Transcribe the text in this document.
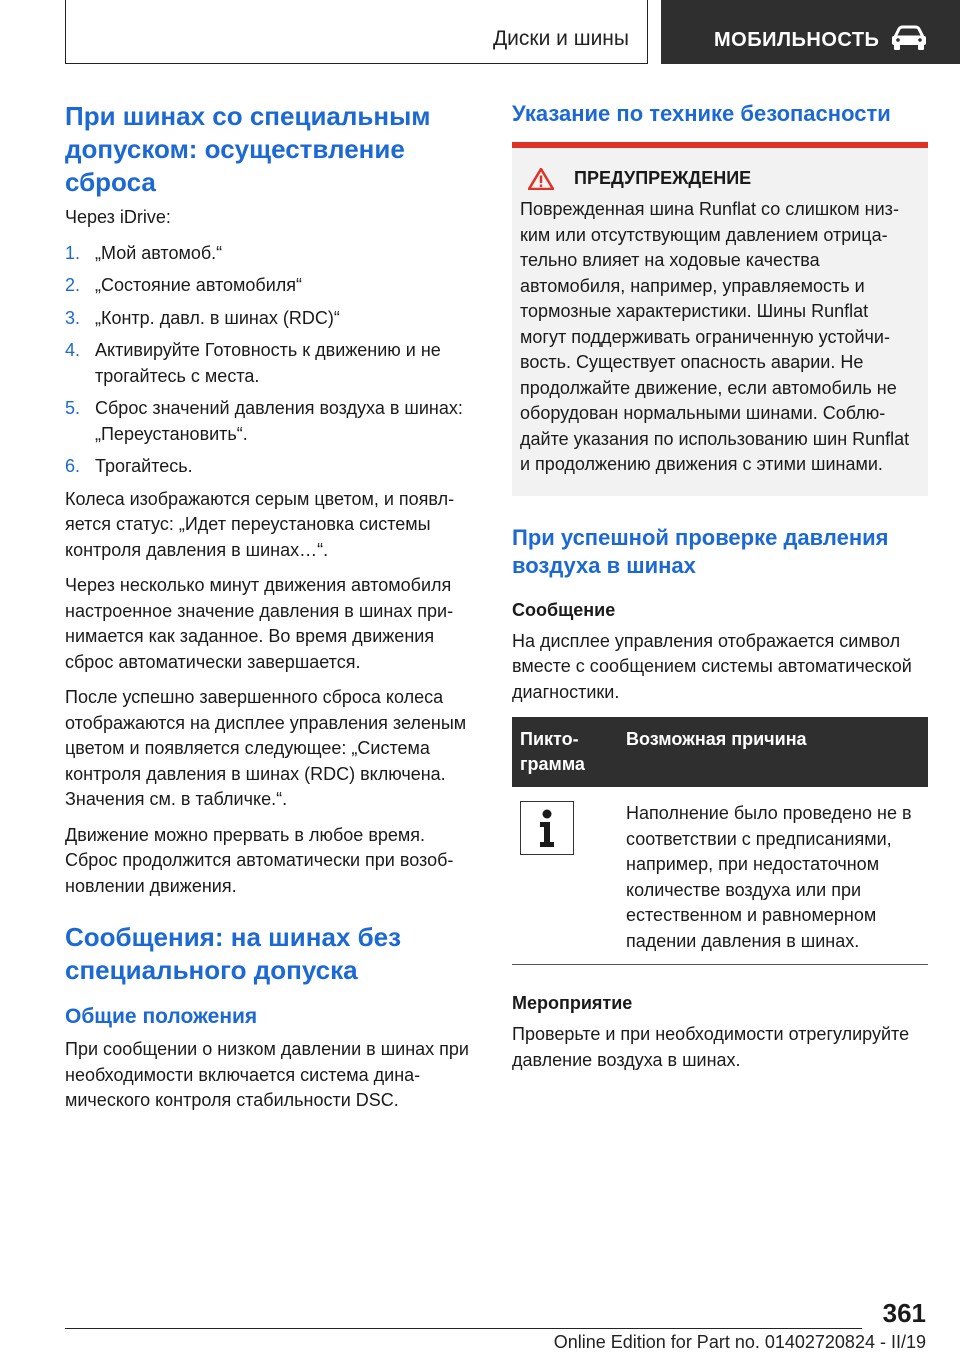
Диски и шины	МОБИЛЬНОСТЬ
При шинах со специальным допуском: осуществление сброса

Через iDrive:

1. „Мой автомоб.“
2. „Состояние автомобиля“
3. „Контр. давл. в шинах (RDC)“
4. Активируйте Готовность к движению и не трогайтесь с места.
5. Сброс значений давления воздуха в шинах: „Переустановить“.
6. Трогайтесь.

Колеса изображаются серым цветом, и появляется статус: „Идет переустановка системы контроля давления в шинах…“.

Через несколько минут движения автомобиля настроенное значение давления в шинах принимается как заданное. Во время движения сброс автоматически завершается.

После успешно завершенного сброса колеса отображаются на дисплее управления зеленым цветом и появляется следующее: „Система контроля давления в шинах (RDC) включена. Значения см. в табличке.“.

Движение можно прервать в любое время. Сброс продолжится автоматически при возобновлении движения.

Сообщения: на шинах без специального допуска
Общие положения

При сообщении о низком давлении в шинах при необходимости включается система динамического контроля стабильности DSC.

Указание по технике безопасности
ПРЕДУПРЕЖДЕНИЕ

Поврежденная шина Runflat со слишком низким или отсутствующим давлением отрицательно влияет на ходовые качества автомобиля, например, управляемость и тормозные характеристики. Шины Runflat могут поддерживать ограниченную устойчивость. Существует опасность аварии. Не продолжайте движение, если автомобиль не оборудован нормальными шинами. Соблюдайте указания по использованию шин Runflat и продолжению движения с этими шинами.

При успешной проверке давления воздуха в шинах
Сообщение

На дисплее управления отображается символ вместе с сообщением системы автоматической диагностики.

Пиктограмма	Возможная причина

	Наполнение было проведено не в соответствии с предписаниями, например, при недостаточном количестве воздуха или при естественном и равномерном падении давления в шинах.
Мероприятие

Проверьте и при необходимости отрегулируйте давление воздуха в шинах.

361
Online Edition for Part no. 01402720824 - II/19
